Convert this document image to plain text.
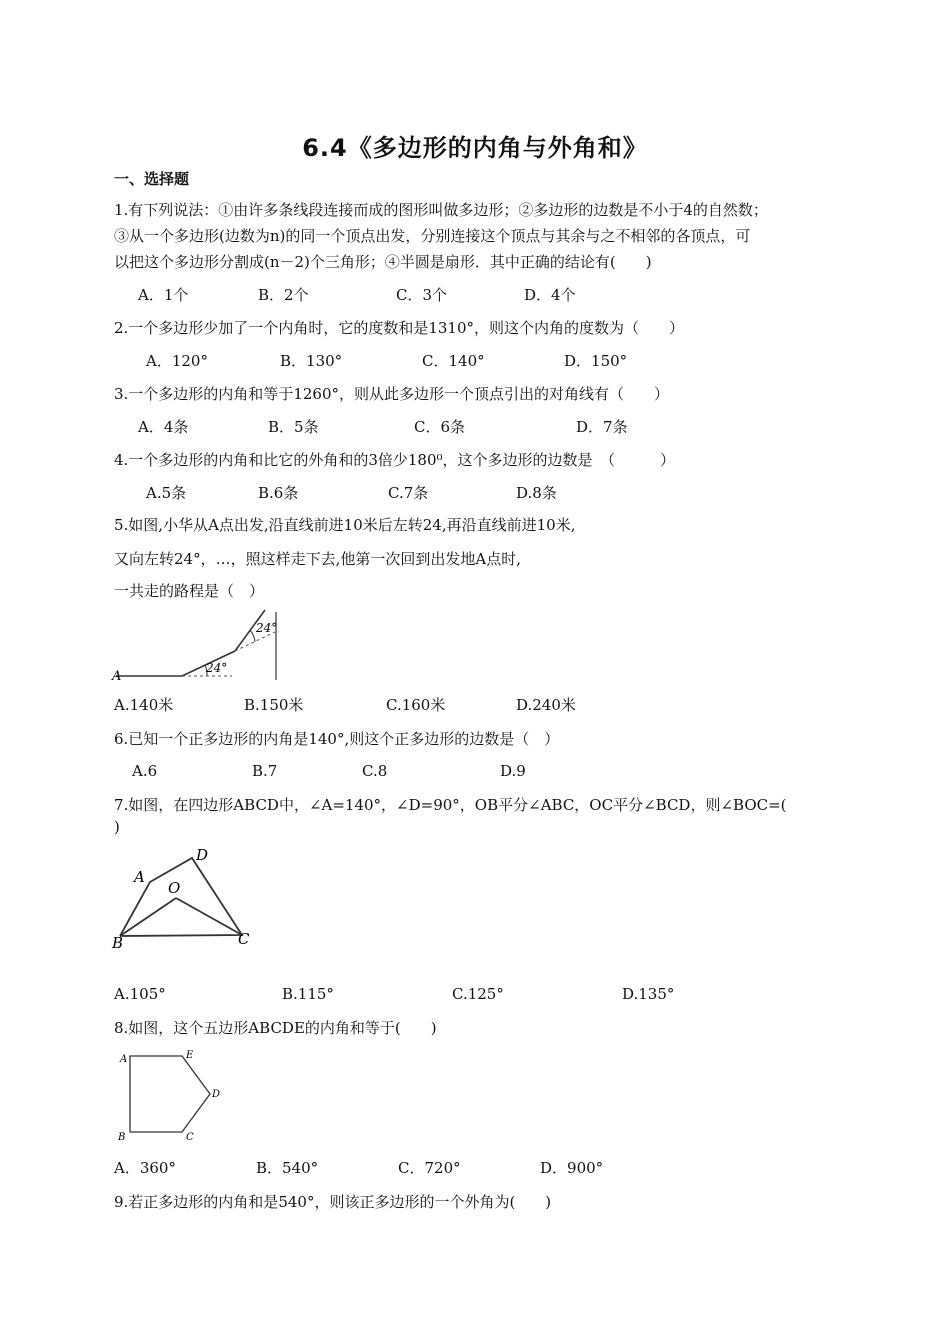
6.4《多边形的内角与外角和》
一、选择题
1.有下列说法：①由许多条线段连接而成的图形叫做多边形；②多边形的边数是不小于4的自然数；
③从一个多边形(边数为n)的同一个顶点出发，分别连接这个顶点与其余与之不相邻的各顶点，可
以把这个多边形分割成(n－2)个三角形；④半圆是扇形．其中正确的结论有(　　)
A．1个	B．2个	C．3个	D．4个
2.一个多边形少加了一个内角时，它的度数和是1310°，则这个内角的度数为（　　）
A．120°	B．130°	C．140°	D．150°
3.一个多边形的内角和等于1260°，则从此多边形一个顶点引出的对角线有（　　）
A．4条	B．5条	C．6条	D．7条
4.一个多边形的内角和比它的外角和的3倍少180⁰，这个多边形的边数是　（　　　）
A.5条	B.6条	C.7条	D.8条
5.如图,小华从A点出发,沿直线前进10米后左转24,再沿直线前进10米,
又向左转24°，…，照这样走下去,他第一次回到出发地A点时,
一共走的路程是（　）
A
24°
24°
A.140米	B.150米	C.160米	D.240米
6.已知一个正多边形的内角是140°,则这个正多边形的边数是（　）
A.6	B.7	C.8	D.9
7.如图，在四边形ABCD中，∠A=140°，∠D=90°，OB平分∠ABC，OC平分∠BCD，则∠BOC=(
)
A
D
O
B	C
A.105°	B.115°	C.125°	D.135°
8.如图，这个五边形ABCDE的内角和等于(　　)
A	E
D
B	C
A．360°	B．540°	C．720°	D．900°
9.若正多边形的内角和是540°，则该正多边形的一个外角为(　　)
